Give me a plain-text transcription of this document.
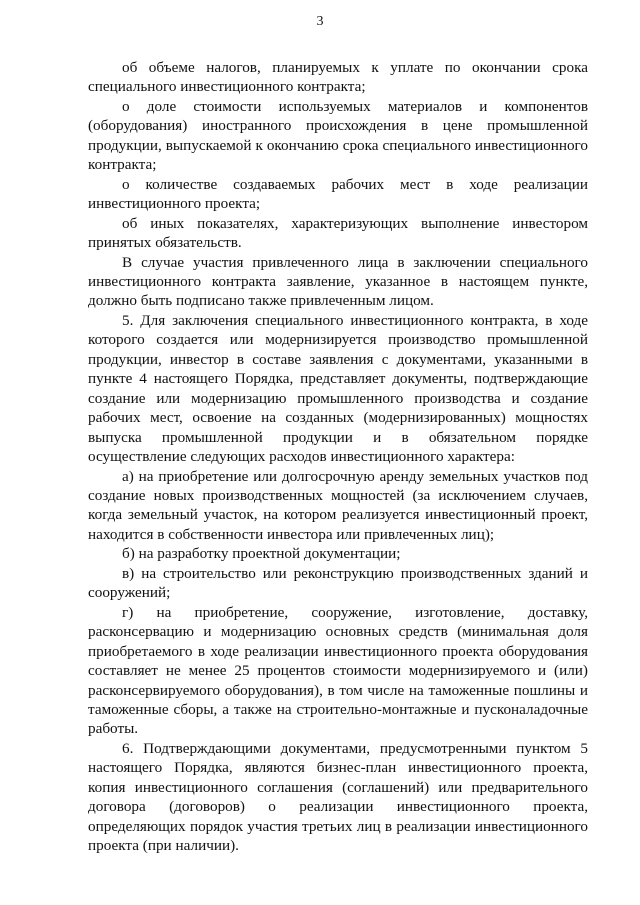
3

об объеме налогов, планируемых к уплате по окончании срока специального инвестиционного контракта;

о доле стоимости используемых материалов и компонентов (оборудования) иностранного происхождения в цене промышленной продукции, выпускаемой к окончанию срока специального инвестиционного контракта;

о количестве создаваемых рабочих мест в ходе реализации инвестиционного проекта;

об иных показателях, характеризующих выполнение инвестором принятых обязательств.

В случае участия привлеченного лица в заключении специального инвестиционного контракта заявление, указанное в настоящем пункте, должно быть подписано также привлеченным лицом.

5. Для заключения специального инвестиционного контракта, в ходе которого создается или модернизируется производство промышленной продукции, инвестор в составе заявления с документами, указанными в пункте 4 настоящего Порядка, представляет документы, подтверждающие создание или модернизацию промышленного производства и создание рабочих мест, освоение на созданных (модернизированных) мощностях выпуска промышленной продукции и в обязательном порядке осуществление следующих расходов инвестиционного характера:

а) на приобретение или долгосрочную аренду земельных участков под создание новых производственных мощностей (за исключением случаев, когда земельный участок, на котором реализуется инвестиционный проект, находится в собственности инвестора или привлеченных лиц);

б) на разработку проектной документации;

в) на строительство или реконструкцию производственных зданий и сооружений;

г) на приобретение, сооружение, изготовление, доставку, расконсервацию и модернизацию основных средств (минимальная доля приобретаемого в ходе реализации инвестиционного проекта оборудования составляет не менее 25 процентов стоимости модернизируемого и (или) расконсервируемого оборудования), в том числе на таможенные пошлины и таможенные сборы, а также на строительно-монтажные и пусконаладочные работы.

6. Подтверждающими документами, предусмотренными пунктом 5 настоящего Порядка, являются бизнес-план инвестиционного проекта, копия инвестиционного соглашения (соглашений) или предварительного договора (договоров) о реализации инвестиционного проекта, определяющих порядок участия третьих лиц в реализации инвестиционного проекта (при наличии).
